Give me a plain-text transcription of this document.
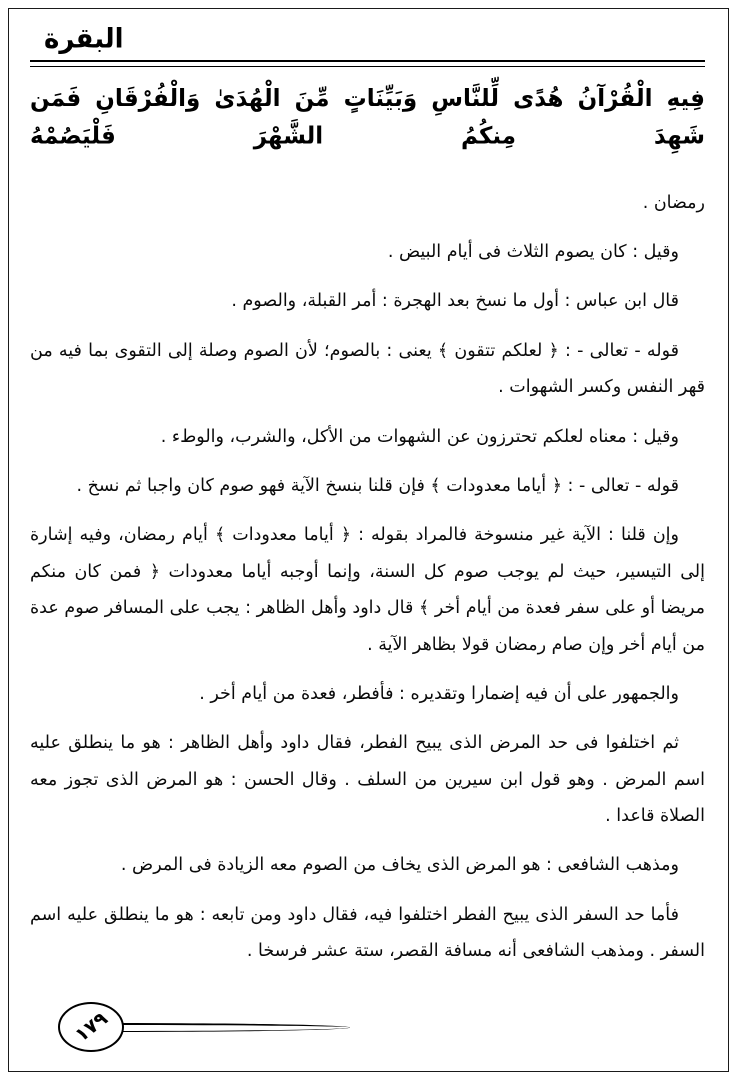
البقرة
فِيهِ الْقُرْآنُ هُدًى لِّلنَّاسِ وَبَيِّنَاتٍ مِّنَ الْهُدَىٰ وَالْفُرْقَانِ فَمَن شَهِدَ مِنكُمُ الشَّهْرَ فَلْيَصُمْهُ

رمضان .

وقيل : كان يصوم الثلاث فى أيام البيض .

قال ابن عباس : أول ما نسخ بعد الهجرة : أمر القبلة، والصوم .

قوله - تعالى - : ﴿ لعلكم تتقون ﴾ يعنى : بالصوم؛ لأن الصوم وصلة إلى التقوى بما فيه من قهر النفس وكسر الشهوات .

وقيل : معناه لعلكم تحترزون عن الشهوات من الأكل، والشرب، والوطء .

قوله - تعالى - : ﴿ أياما معدودات ﴾ فإن قلنا بنسخ الآية فهو صوم كان واجبا ثم نسخ .

وإن قلنا : الآية غير منسوخة فالمراد بقوله : ﴿ أياما معدودات ﴾ أيام رمضان، وفيه إشارة إلى التيسير، حيث لم يوجب صوم كل السنة، وإنما أوجبه أياما معدودات ﴿ فمن كان منكم مريضا أو على سفر فعدة من أيام أخر ﴾ قال داود وأهل الظاهر : يجب على المسافر صوم عدة من أيام أخر وإن صام رمضان قولا بظاهر الآية .

والجمهور على أن فيه إضمارا وتقديره : فأفطر، فعدة من أيام أخر .

ثم اختلفوا فى حد المرض الذى يبيح الفطر، فقال داود وأهل الظاهر : هو ما ينطلق عليه اسم المرض . وهو قول ابن سيرين من السلف . وقال الحسن : هو المرض الذى تجوز معه الصلاة قاعدا .

ومذهب الشافعى : هو المرض الذى يخاف من الصوم معه الزيادة فى المرض .

فأما حد السفر الذى يبيح الفطر اختلفوا فيه، فقال داود ومن تابعه : هو ما ينطلق عليه اسم السفر . ومذهب الشافعى أنه مسافة القصر، ستة عشر فرسخا .

١٧٩
